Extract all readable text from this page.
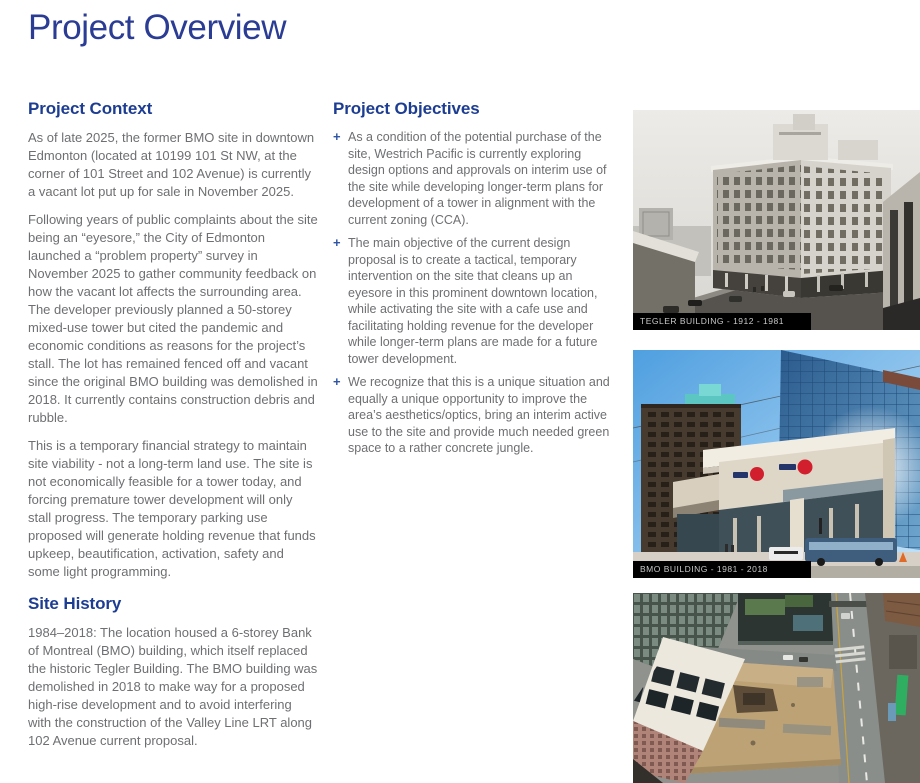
Project Overview
Project Context

As of late 2025, the former BMO site in downtown Edmonton (located at 10199 101 St NW, at the corner of 101 Street and 102 Avenue) is currently a vacant lot put up for sale in November 2025.

Following years of public complaints about the site being an “eyesore,” the City of Edmonton launched a “problem property” survey in November 2025 to gather community feedback on how the vacant lot affects the surrounding area. The developer previously planned a 50-storey mixed-use tower but cited the pandemic and economic conditions as reasons for the project’s stall. The lot has remained fenced off and vacant since the original BMO building was demolished in 2018. It currently contains construction debris and rubble.

This is a temporary financial strategy to maintain site viability - not a long-term land use. The site is not economically feasible for a tower today, and forcing premature tower development will only stall progress. The temporary parking use proposed will generate holding revenue that funds upkeep, beautification, activation, safety and some light programming.

Site History

1984–2018: The location housed a 6-storey Bank of Montreal (BMO) building, which itself replaced the historic Tegler Building. The BMO building was demolished in 2018 to make way for a proposed high-rise development and to avoid interfering with the construction of the Valley Line LRT along 102 Avenue current proposal.

Project Objectives
+ As a condition of the potential purchase of the site, Westrich Pacific is currently exploring design options and approvals on interim use of the site while developing longer-term plans for development of a tower in alignment with the current zoning (CCA).
+ The main objective of the current design proposal is to create a tactical, temporary intervention on the site that cleans up an eyesore in this prominent downtown location, while activating the site with a cafe use and facilitating holding revenue for the developer while longer-term plans are made for a future tower development.
+ We recognize that this is a unique situation and equally a unique opportunity to improve the area’s aesthetics/optics, bring an interim active use to the site and provide much needed green space to a rather concrete jungle.
TEGLER BUILDING - 1912 - 1981
BMO BUILDING - 1981 - 2018
